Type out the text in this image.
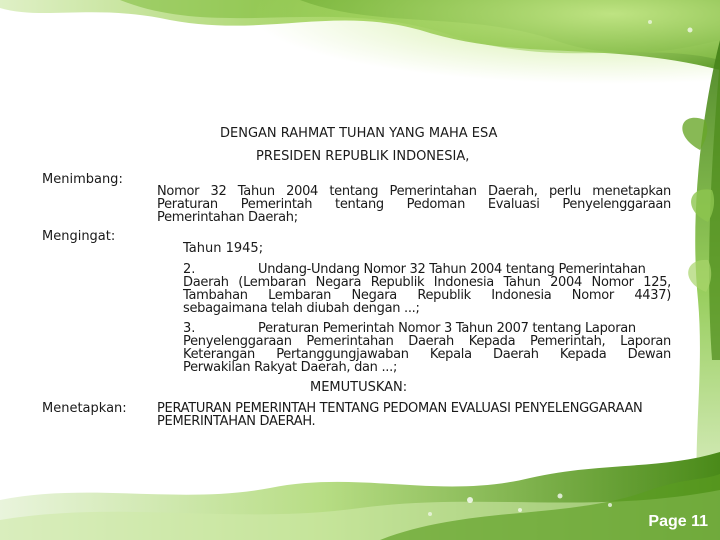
DENGAN RAHMAT TUHAN YANG MAHA ESA
PRESIDEN REPUBLIK INDONESIA,
Menimbang:
Mengingat:
Menetapkan:
Nomor 32 Tahun 2004 tentang Pemerintahan Daerah, perlu menetapkan
Peraturan Pemerintah tentang Pedoman Evaluasi Penyelenggaraan
Pemerintahan Daerah;
Tahun 1945;
2.	Undang-Undang Nomor 32 Tahun 2004 tentang Pemerintahan
Daerah (Lembaran Negara Republik Indonesia Tahun 2004 Nomor 125,
Tambahan Lembaran Negara Republik Indonesia Nomor 4437)
sebagaimana telah diubah dengan ...;
3.	Peraturan Pemerintah Nomor 3 Tahun 2007 tentang Laporan
Penyelenggaraan Pemerintahan Daerah Kepada Pemerintah, Laporan
Keterangan Pertanggungjawaban Kepala Daerah Kepada Dewan
Perwakilan Rakyat Daerah, dan ...;
MEMUTUSKAN:
PERATURAN PEMERINTAH TENTANG PEDOMAN EVALUASI PENYELENGGARAAN
PEMERINTAHAN DAERAH.
Page 11
